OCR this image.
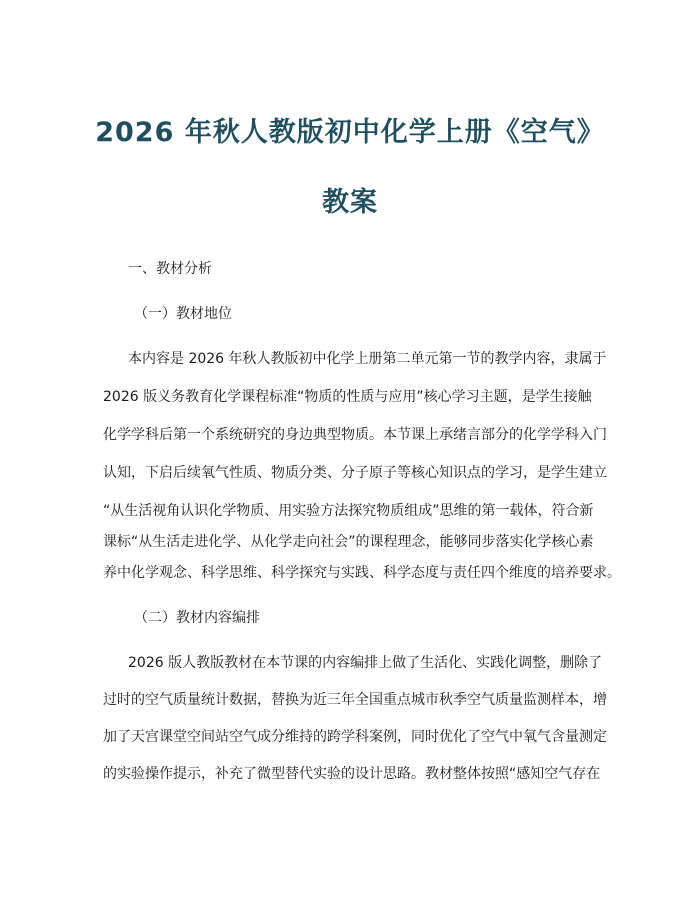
2026 年秋人教版初中化学上册《空气》
教案
一、教材分析
（一）教材地位
本内容是 2026 年秋人教版初中化学上册第二单元第一节的教学内容，隶属于
2026 版义务教育化学课程标准“物质的性质与应用”核心学习主题，是学生接触
化学学科后第一个系统研究的身边典型物质。本节课上承绪言部分的化学学科入门
认知，下启后续氧气性质、物质分类、分子原子等核心知识点的学习，是学生建立
“从生活视角认识化学物质、用实验方法探究物质组成”思维的第一载体，符合新
课标“从生活走进化学、从化学走向社会”的课程理念，能够同步落实化学核心素
养中化学观念、科学思维、科学探究与实践、科学态度与责任四个维度的培养要求。
（二）教材内容编排
2026 版人教版教材在本节课的内容编排上做了生活化、实践化调整，删除了
过时的空气质量统计数据，替换为近三年全国重点城市秋季空气质量监测样本，增
加了天宫课堂空间站空气成分维持的跨学科案例，同时优化了空气中氧气含量测定
的实验操作提示，补充了微型替代实验的设计思路。教材整体按照“感知空气存在
